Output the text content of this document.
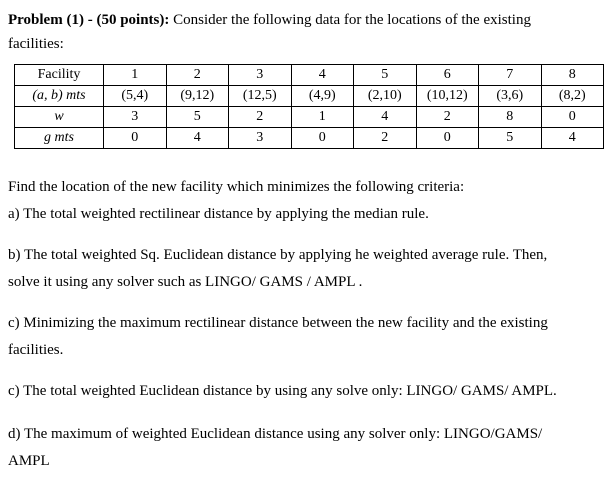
Problem (1) - (50 points): Consider the following data for the locations of the existing
facilities:
Facility	1	2	3	4	5	6	7	8
(a, b) mts	(5,4)	(9,12)	(12,5)	(4,9)	(2,10)	(10,12)	(3,6)	(8,2)
w	3	5	2	1	4	2	8	0
g mts	0	4	3	0	2	0	5	4
Find the location of the new facility which minimizes the following criteria:
a) The total weighted rectilinear distance by applying the median rule.
b) The total weighted Sq. Euclidean distance by applying he weighted average rule. Then,
solve it using any solver such as LINGO/ GAMS / AMPL .
c) Minimizing the maximum rectilinear distance between the new facility and the existing
facilities.
c) The total weighted Euclidean distance by using any solve only: LINGO/ GAMS/ AMPL.
d) The maximum of weighted Euclidean distance using any solver only: LINGO/GAMS/
AMPL
